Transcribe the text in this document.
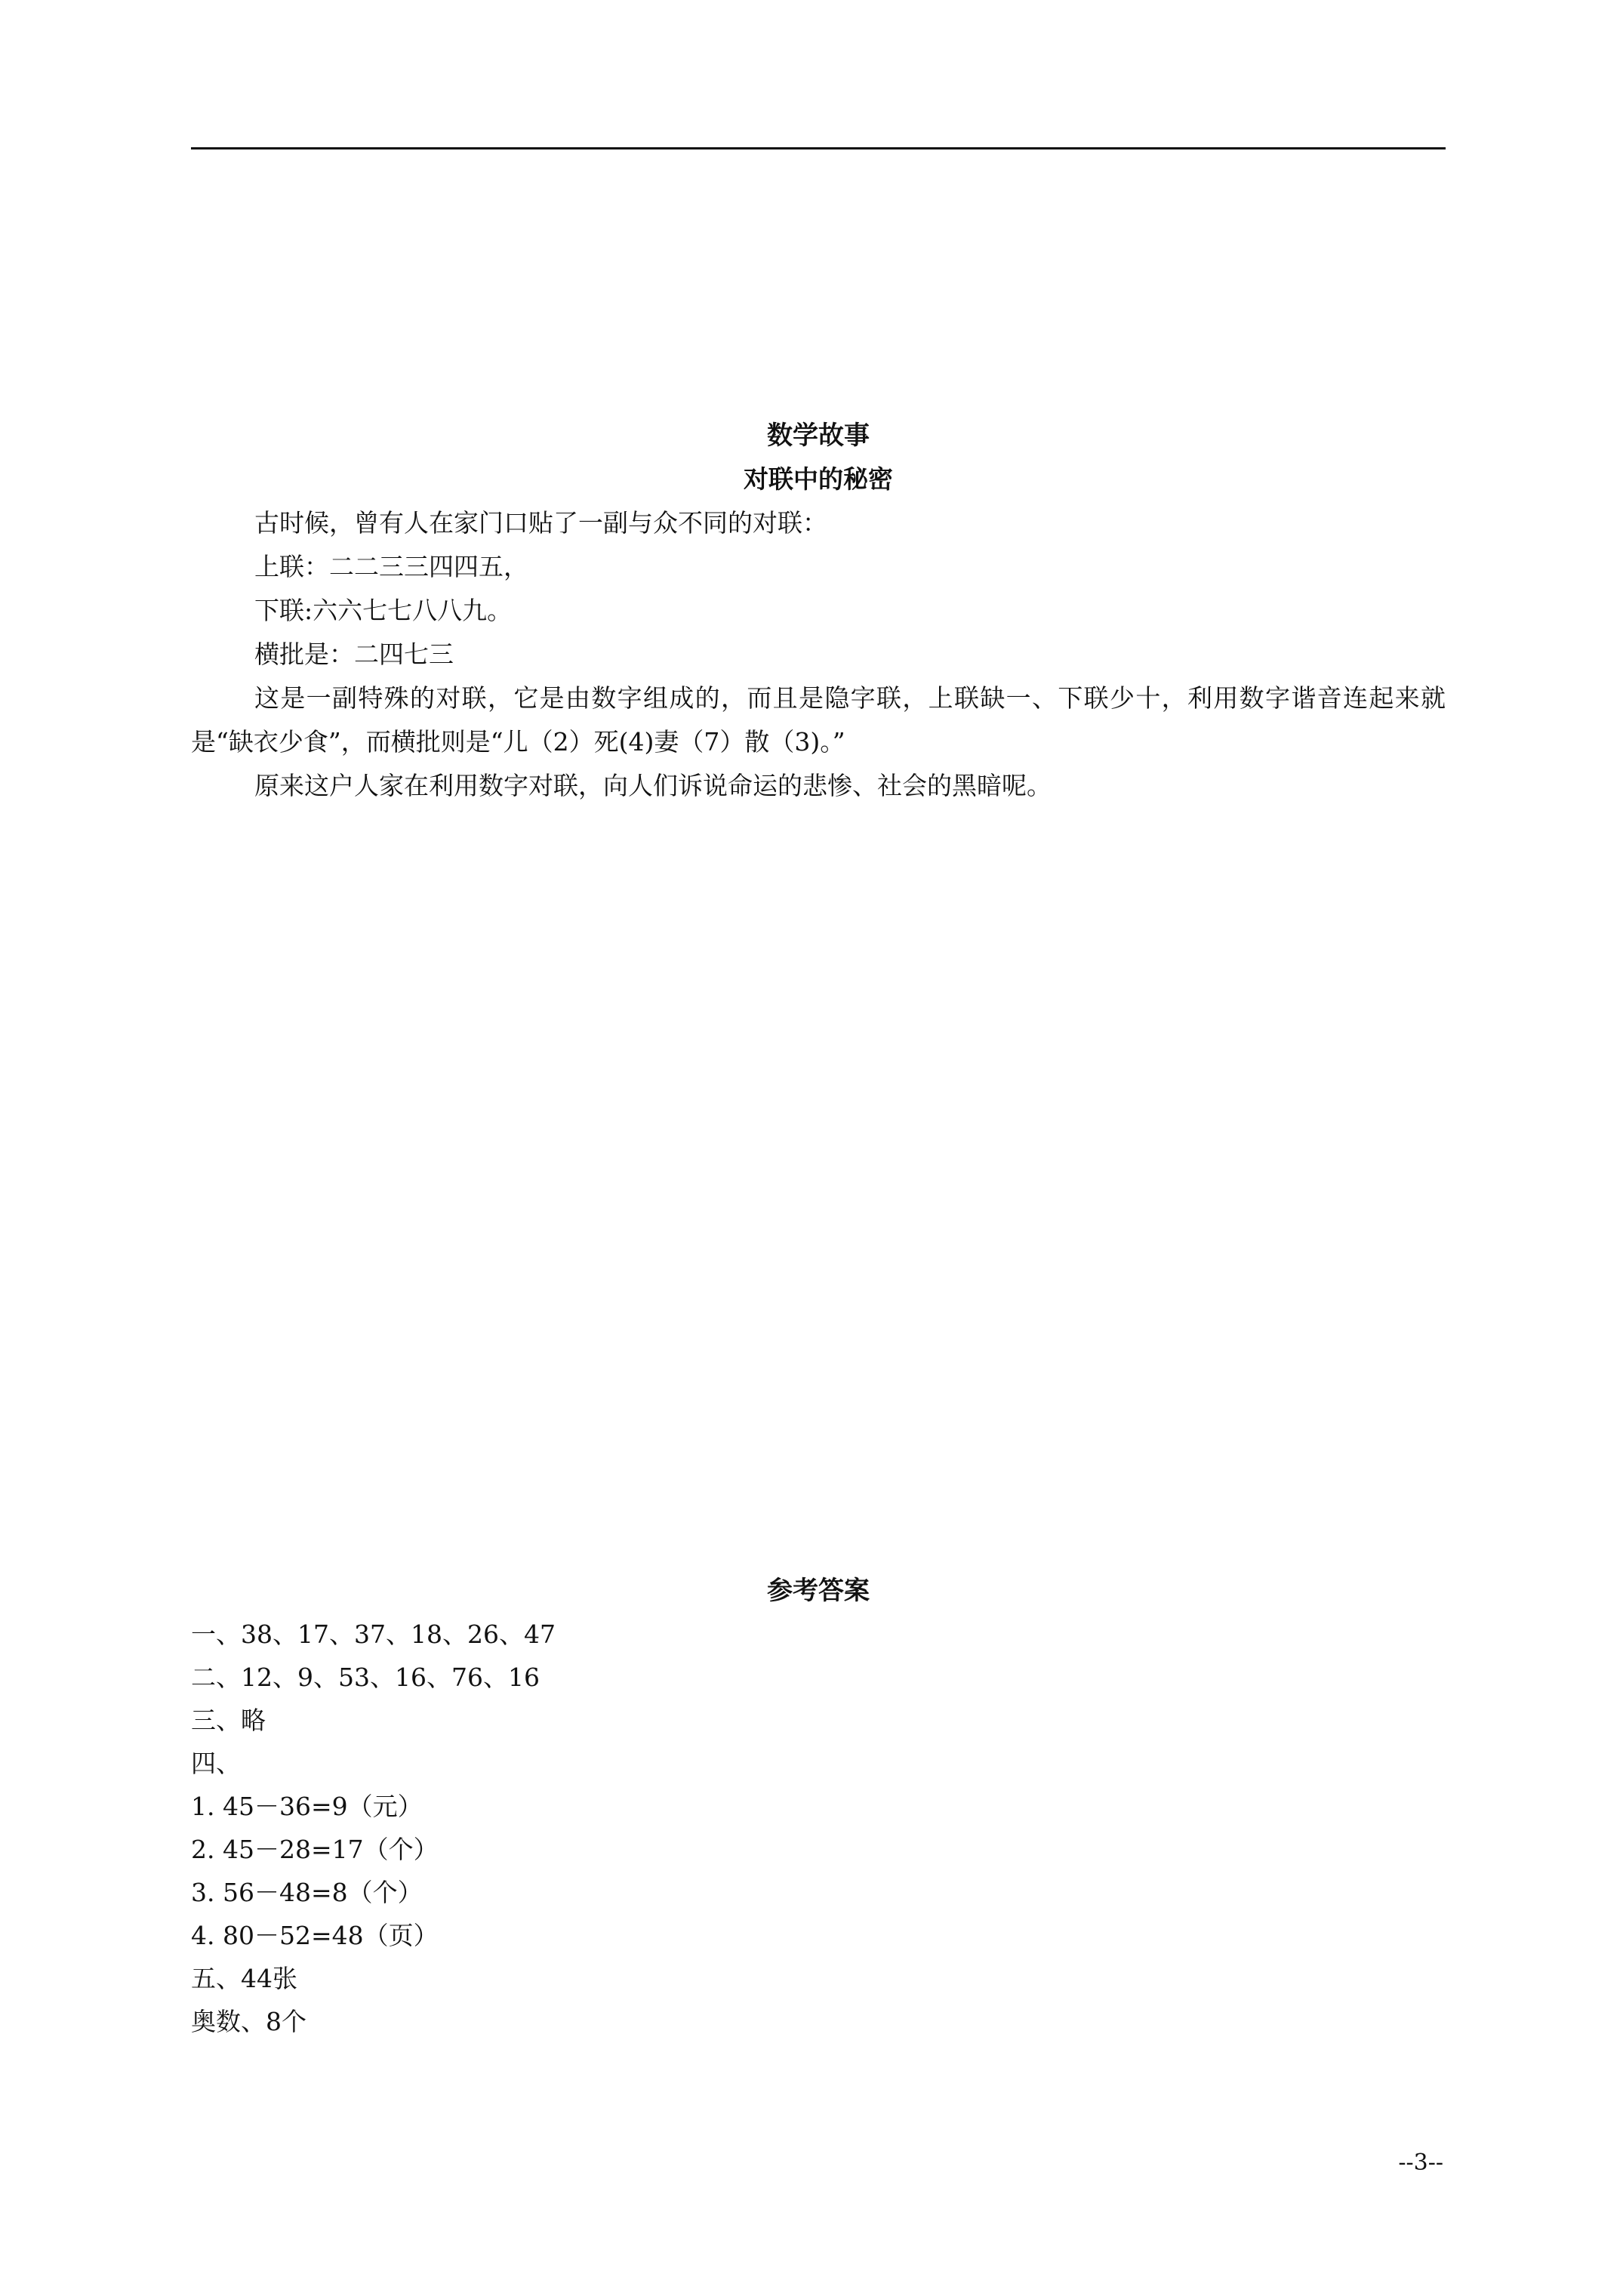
数学故事
对联中的秘密

古时候，曾有人在家门口贴了一副与众不同的对联：

上联：二二三三四四五，

下联:六六七七八八九。

横批是：二四七三

这是一副特殊的对联，它是由数字组成的，而且是隐字联，上联缺一、下联少十，利用数字谐音连起来就是“缺衣少食”，而横批则是“儿（2）死(4)妻（7）散（3)。”

原来这户人家在利用数字对联，向人们诉说命运的悲惨、社会的黑暗呢。

参考答案

一、38、17、37、18、26、47

二、12、9、53、16、76、16

三、略

四、

1. 45－36=9（元）

2. 45－28=17（个）

3. 56－48=8（个）

4. 80－52=48（页）

五、44张

奥数、8个

--3--
